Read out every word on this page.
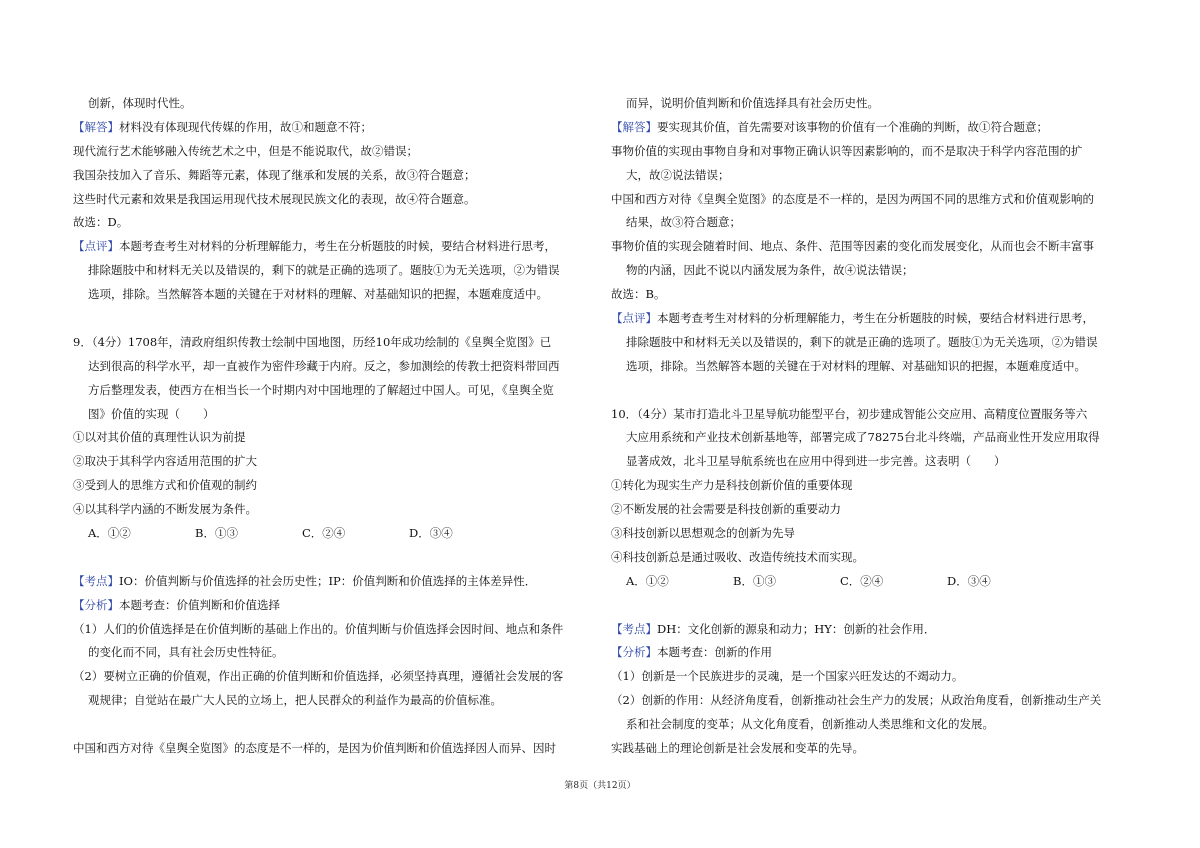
创新，体现时代性。
【解答】材料没有体现现代传媒的作用，故①和题意不符；
现代流行艺术能够融入传统艺术之中，但是不能说取代，故②错误；
我国杂技加入了音乐、舞蹈等元素，体现了继承和发展的关系，故③符合题意；
这些时代元素和效果是我国运用现代技术展现民族文化的表现，故④符合题意。
故选：D。
【点评】本题考查考生对材料的分析理解能力，考生在分析题肢的时候，要结合材料进行思考，
排除题肢中和材料无关以及错误的，剩下的就是正确的选项了。题肢①为无关选项，②为错误
选项，排除。当然解答本题的关键在于对材料的理解、对基础知识的把握，本题难度适中。
9．（4分）1708年，清政府组织传教士绘制中国地图，历经10年成功绘制的《皇舆全览图》已
达到很高的科学水平，却一直被作为密件珍藏于内府。反之，参加测绘的传教士把资料带回西
方后整理发表，使西方在相当长一个时期内对中国地理的了解超过中国人。可见，《皇舆全览
图》价值的实现（　　）
①以对其价值的真理性认识为前提
②取决于其科学内容适用范围的扩大
③受到人的思维方式和价值观的制约
④以其科学内涵的不断发展为条件。
A．①②	B．①③	C．②④	D．③④
【考点】IO：价值判断与价值选择的社会历史性；IP：价值判断和价值选择的主体差异性．
【分析】本题考查：价值判断和价值选择
（1）人们的价值选择是在价值判断的基础上作出的。价值判断与价值选择会因时间、地点和条件
的变化而不同，具有社会历史性特征。
（2）要树立正确的价值观，作出正确的价值判断和价值选择，必须坚持真理，遵循社会发展的客
观规律；自觉站在最广大人民的立场上，把人民群众的利益作为最高的价值标准。
中国和西方对待《皇舆全览图》的态度是不一样的，是因为价值判断和价值选择因人而异、因时
而异，说明价值判断和价值选择具有社会历史性。
【解答】要实现其价值，首先需要对该事物的价值有一个准确的判断，故①符合题意；
事物价值的实现由事物自身和对事物正确认识等因素影响的，而不是取决于科学内容范围的扩
大，故②说法错误；
中国和西方对待《皇舆全览图》的态度是不一样的，是因为两国不同的思维方式和价值观影响的
结果，故③符合题意；
事物价值的实现会随着时间、地点、条件、范围等因素的变化而发展变化，从而也会不断丰富事
物的内涵，因此不说以内涵发展为条件，故④说法错误；
故选：B。
【点评】本题考查考生对材料的分析理解能力，考生在分析题肢的时候，要结合材料进行思考，
排除题肢中和材料无关以及错误的，剩下的就是正确的选项了。题肢①为无关选项，②为错误
选项，排除。当然解答本题的关键在于对材料的理解、对基础知识的把握，本题难度适中。
10．（4分）某市打造北斗卫星导航功能型平台，初步建成智能公交应用、高精度位置服务等六
大应用系统和产业技术创新基地等，部署完成了78275台北斗终端，产品商业性开发应用取得
显著成效，北斗卫星导航系统也在应用中得到进一步完善。这表明（　　）
①转化为现实生产力是科技创新价值的重要体现
②不断发展的社会需要是科技创新的重要动力
③科技创新以思想观念的创新为先导
④科技创新总是通过吸收、改造传统技术而实现。
A．①②	B．①③	C．②④	D．③④
【考点】DH：文化创新的源泉和动力；HY：创新的社会作用．
【分析】本题考查：创新的作用
（1）创新是一个民族进步的灵魂，是一个国家兴旺发达的不竭动力。
（2）创新的作用：从经济角度看，创新推动社会生产力的发展；从政治角度看，创新推动生产关
系和社会制度的变革；从文化角度看，创新推动人类思维和文化的发展。
实践基础上的理论创新是社会发展和变革的先导。
第8页（共12页）
